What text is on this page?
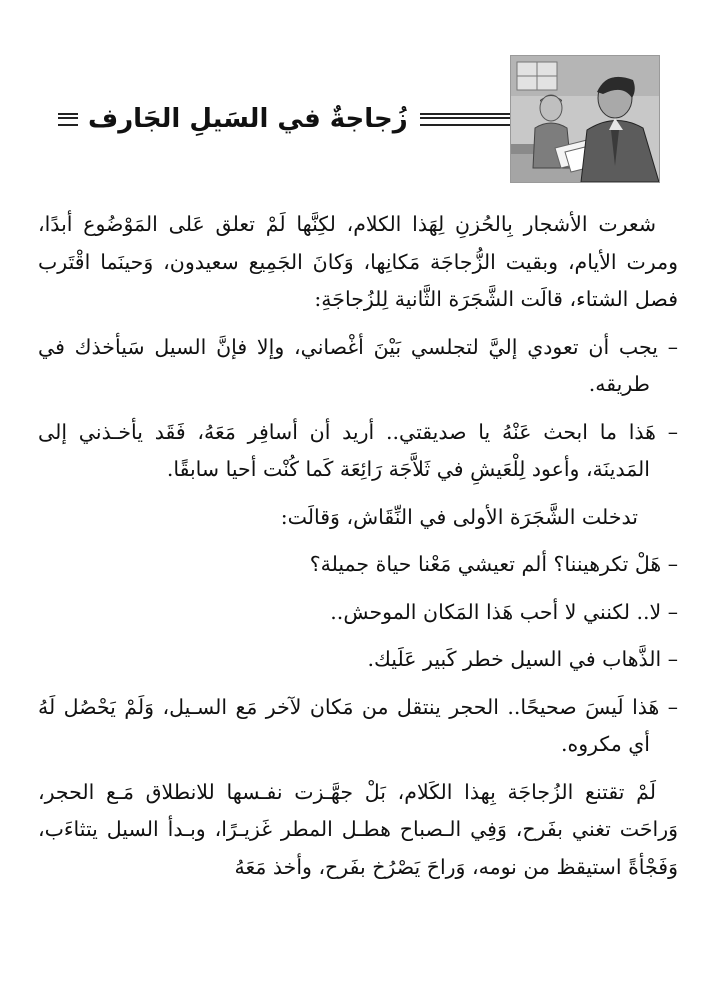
زُجاجةٌ في السَيلِ الجَارف

شعرت الأشجار بِالحُزنِ لِهَذا الكلام، لكِنَّها لَمْ تعلق عَلى المَوْضُوع أبدًا، ومرت الأيام، وبقيت الزُّجاجَة مَكانِها، وَكانَ الجَمِيع سعيدون، وَحينَما اقْتَرب فصل الشتاء، قالَت الشَّجَرَة الثَّانية لِلزُجاجَةِ:

– يجب أن تعودي إليَّ لتجلسي بَيْنَ أغْصاني، وإلا فإنَّ السيل سَيأخذك في طريقه.

– هَذا ما ابحث عَنْهُ يا صديقتي.. أريد أن أسافِر مَعَهُ، فَقَد يأخـذني إلى المَدينَة، وأعود لِلْعَيشِ في ثَلاَّجَة رَائِعَة كَما كُنْت أحيا سابقًا.

تدخلت الشَّجَرَة الأولى في النِّقَاش، وَقالَت:

– هَلْ تكرهيننا؟ ألم تعيشي مَعْنا حياة جميلة؟

– لا.. لكنني لا أحب هَذا المَكان الموحش..

– الذَّهاب في السيل خطر كَبير عَلَيك.

– هَذا لَيسَ صحيحًا.. الحجر ينتقل من مَكان لآخر مَع السـيل، وَلَمْ يَحْصُل لَهُ أي مكروه.

لَمْ تقتنع الزُجاجَة بِهذا الكَلام، بَلْ جهَّـزت نفـسها للانطلاق مَـع الحجر، وَراحَت تغني بفَرح، وَفِي الـصباح هطـل المطر غَزيـرًا، وبـدأ السيل يتثاءَب، وَفَجْأةً استيقظ من نومه، وَراحَ يَصْرُخ بفَرح، وأخذ مَعَهُ
